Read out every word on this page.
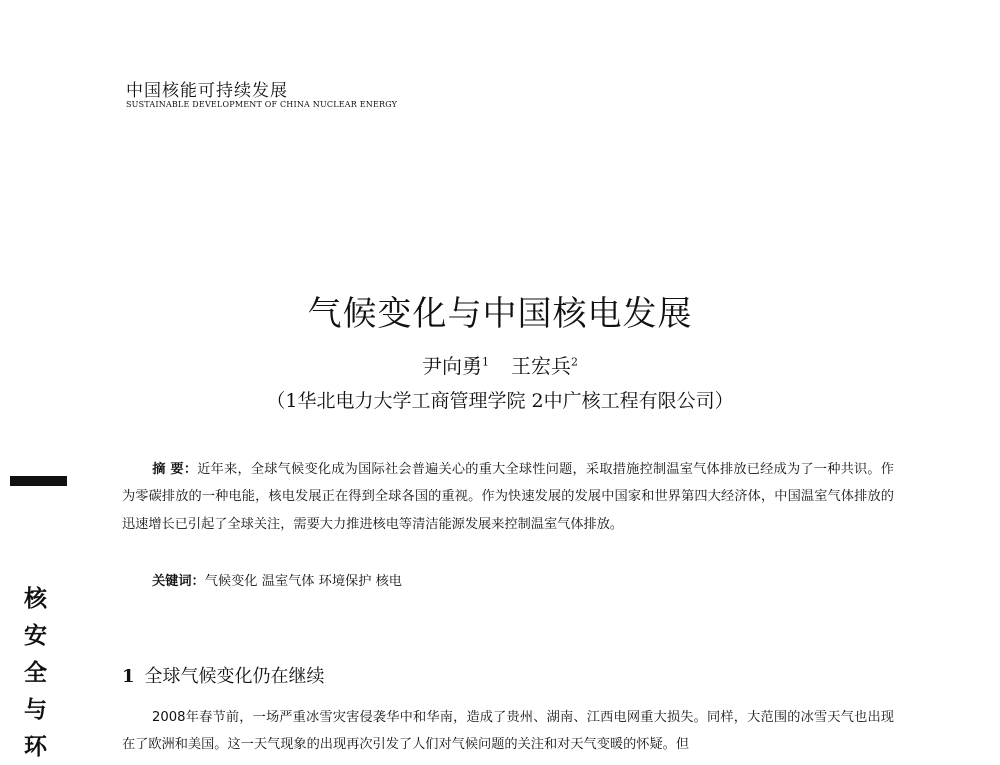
中国核能可持续发展
SUSTAINABLE DEVELOPMENT OF CHINA NUCLEAR ENERGY
气候变化与中国核电发展
尹向勇$^1$ 王宏兵$^2$
（1华北电力大学工商管理学院 2中广核工程有限公司）
核
安
全
与
环
摘 要：近年来，全球气候变化成为国际社会普遍关心的重大全球性问题，采取措施控制温室气体排放已经成为了一种共识。作为零碳排放的一种电能，核电发展正在得到全球各国的重视。作为快速发展的发展中国家和世界第四大经济体，中国温室气体排放的迅速增长已引起了全球关注，需要大力推进核电等清洁能源发展来控制温室气体排放。
关键词：气候变化 温室气体 环境保护 核电
1 全球气候变化仍在继续
2008年春节前，一场严重冰雪灾害侵袭华中和华南，造成了贵州、湖南、江西电网重大损失。同样，大范围的冰雪天气也出现在了欧洲和美国。这一天气现象的出现再次引发了人们对气候问题的关注和对天气变暖的怀疑。但
